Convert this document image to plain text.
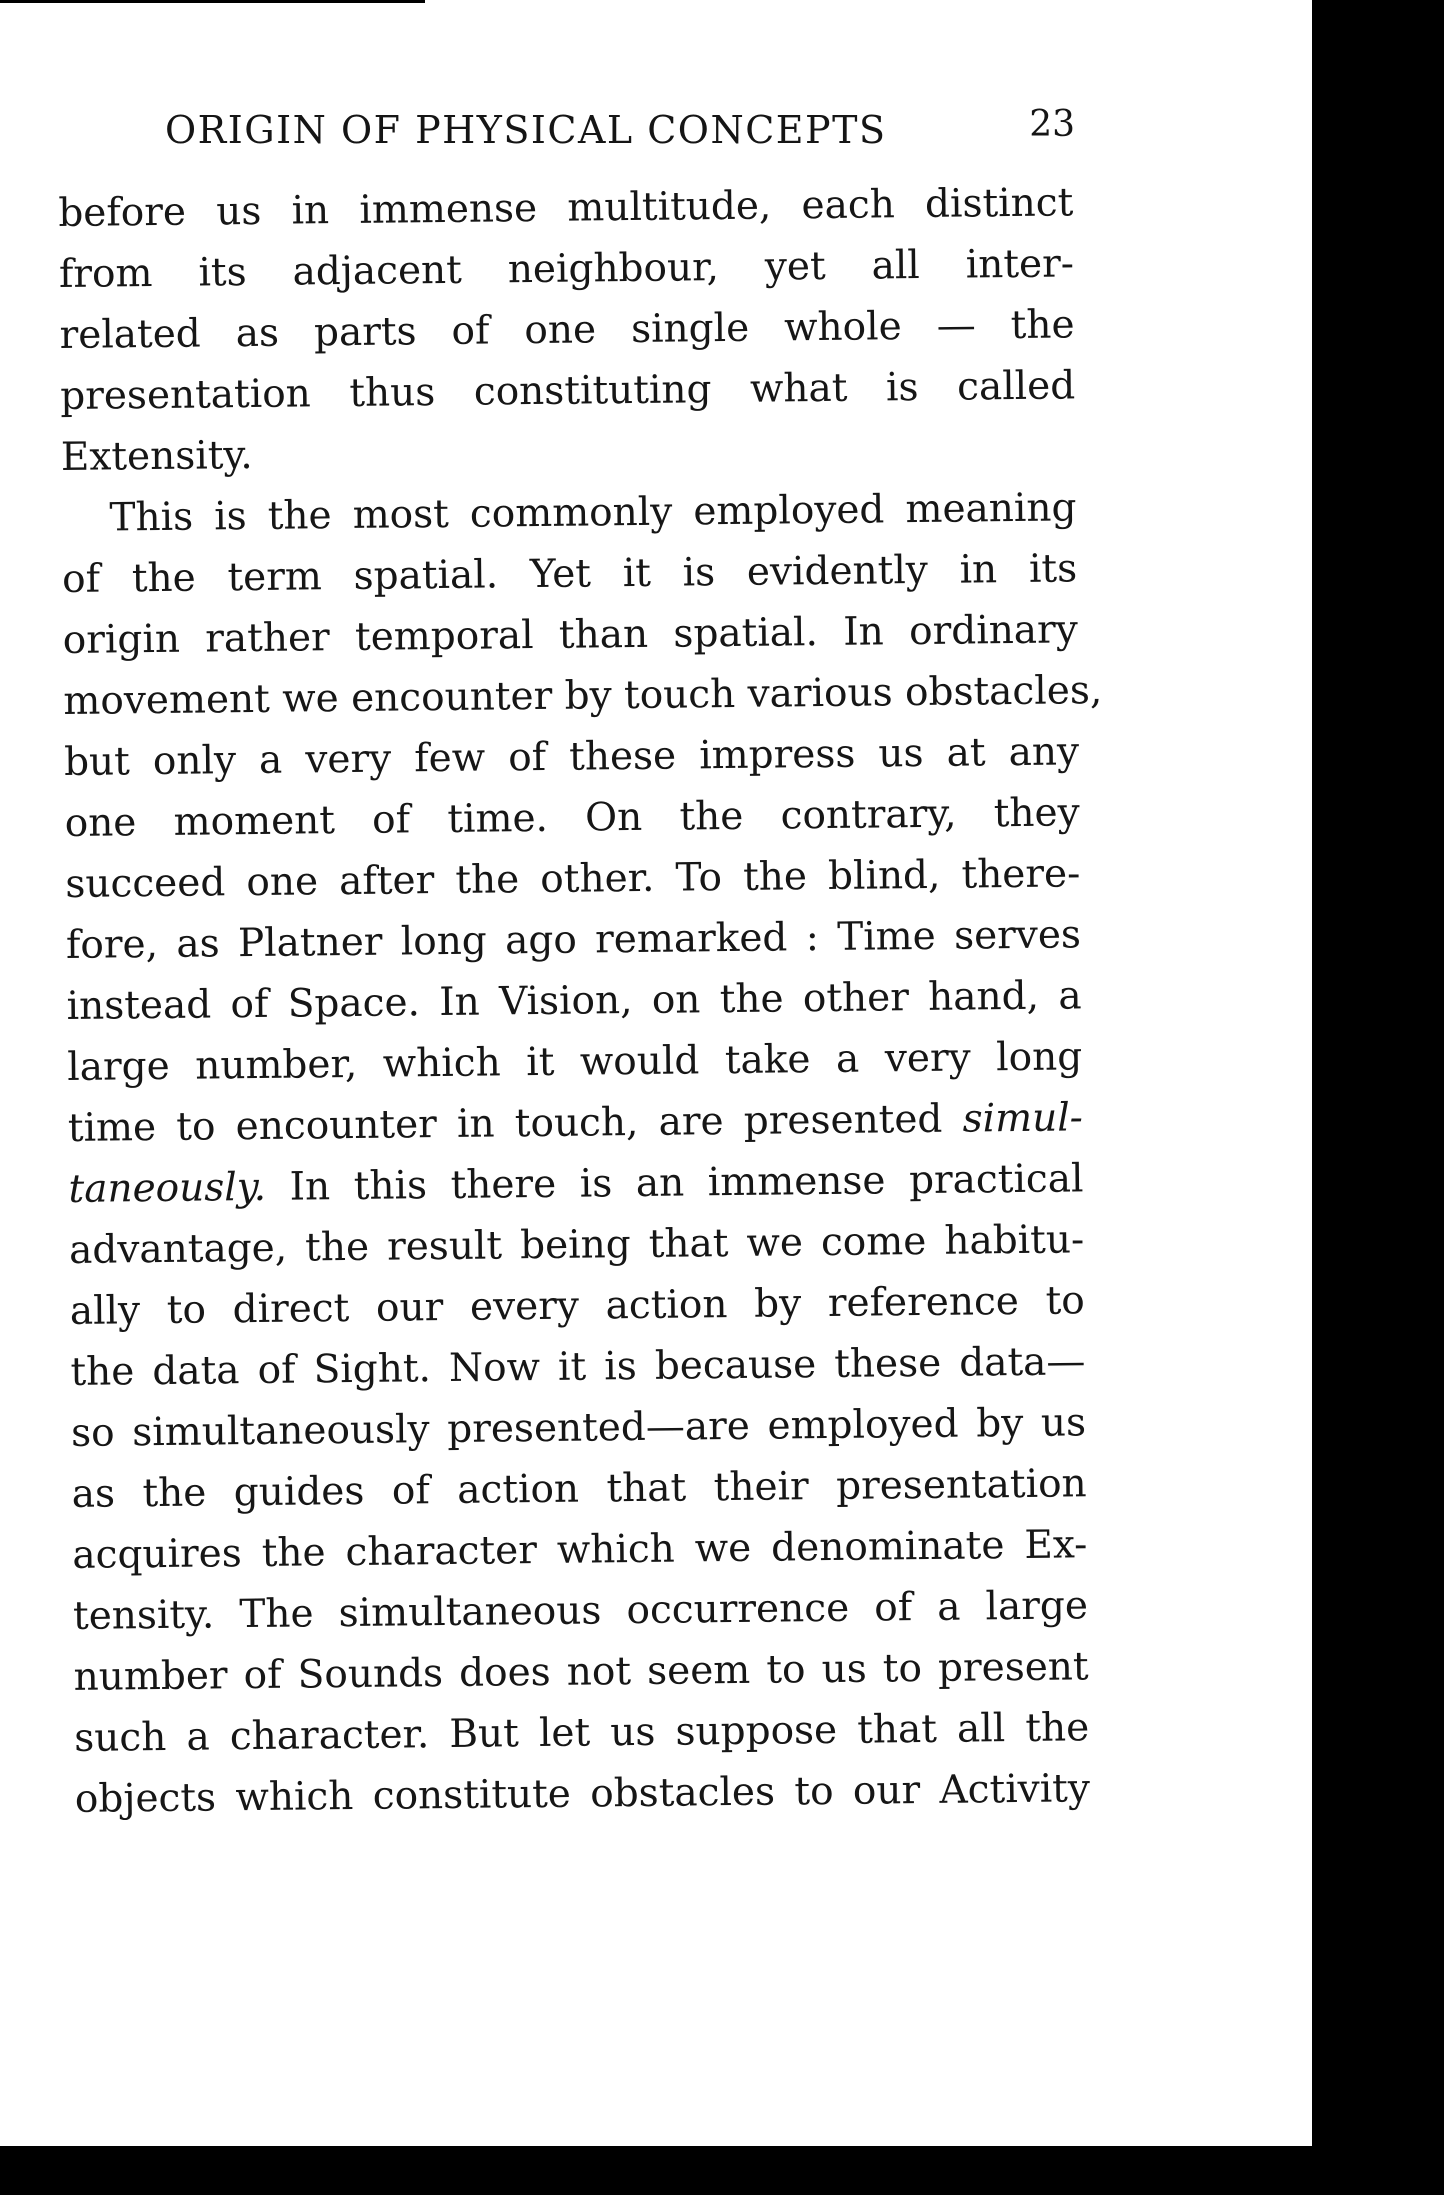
ORIGIN OF PHYSICAL CONCEPTS	23
before us in immense multitude, each distinct
from its adjacent neighbour, yet all inter-
related as parts of one single whole — the
presentation thus constituting what is called
Extensity.
This is the most commonly employed meaning
of the term spatial. Yet it is evidently in its
origin rather temporal than spatial. In ordinary
movement we encounter by touch various obstacles,
but only a very few of these impress us at any
one moment of time. On the contrary, they
succeed one after the other. To the blind, there-
fore, as Platner long ago remarked : Time serves
instead of Space. In Vision, on the other hand, a
large number, which it would take a very long
time to encounter in touch, are presented simul-
taneously. In this there is an immense practical
advantage, the result being that we come habitu-
ally to direct our every action by reference to
the data of Sight. Now it is because these data—
so simultaneously presented—are employed by us
as the guides of action that their presentation
acquires the character which we denominate Ex-
tensity. The simultaneous occurrence of a large
number of Sounds does not seem to us to present
such a character. But let us suppose that all the
objects which constitute obstacles to our Activity
